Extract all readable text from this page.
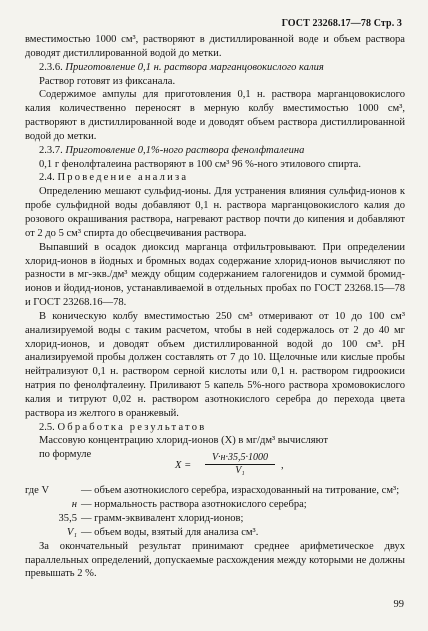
ГОСТ 23268.17—78 Стр. 3

вместимостью 1000 см³, растворяют в дистиллированной воде и объем раствора доводят дистиллированной водой до метки.

2.3.6. Приготовление 0,1 н. раствора марганцовокислого калия

Раствор готовят из фиксанала.

Содержимое ампулы для приготовления 0,1 н. раствора марганцовокислого калия количественно переносят в мерную колбу вместимостью 1000 см³, растворяют в дистиллированной воде и доводят объем раствора дистиллированной водой до метки.

2.3.7. Приготовление 0,1%-ного раствора фенолфталеина

0,1 г фенолфталеина растворяют в 100 см³ 96 %-ного этилового спирта.

2.4. Проведение анализа

Определению мешают сульфид-ионы. Для устранения влияния сульфид-ионов к пробе сульфидной воды добавляют 0,1 н. раствора марганцовокислого калия до розового окрашивания раствора, нагревают раствор почти до кипения и добавляют от 2 до 5 см³ спирта до обесцвечивания раствора.

Выпавший в осадок диоксид марганца отфильтровывают. При определении хлорид-ионов в йодных и бромных водах содержание хлорид-ионов вычисляют по разности в мг-экв./дм³ между общим содержанием галогенидов и суммой бромид-ионов и йодид-ионов, устанавливаемой в отдельных пробах по ГОСТ 23268.15—78 и ГОСТ 23268.16—78.

В коническую колбу вместимостью 250 см³ отмеривают от 10 до 100 см³ анализируемой воды с таким расчетом, чтобы в ней содержалось от 2 до 40 мг хлорид-ионов, и доводят объем дистиллированной водой до 100 см³. рН анализируемой пробы должен составлять от 7 до 10. Щелочные или кислые пробы нейтрализуют 0,1 н. раствором серной кислоты или 0,1 н. раствором гидроокиси натрия по фенолфталеину. Приливают 5 капель 5%-ного раствора хромовокислого калия и титруют 0,02 н. раствором азотнокислого серебра до перехода цвета раствора из желтого в оранжевый.

2.5. Обработка результатов

Массовую концентрацию хлорид-ионов (X) в мг/дм³ вычисляют

по формуле
X =
V·н·35,5·1000
V₁	,
где V	— объем азотнокислого серебра, израсходованный на титрование, см³;
н — нормальность раствора азотнокислого серебра;
35,5 — грамм-эквивалент хлорид-ионов;
V₁ — объем воды, взятый для анализа см³.

За окончательный результат принимают среднее арифметическое двух параллельных определений, допускаемые расхождения между которыми не должны превышать 2 %.

99
